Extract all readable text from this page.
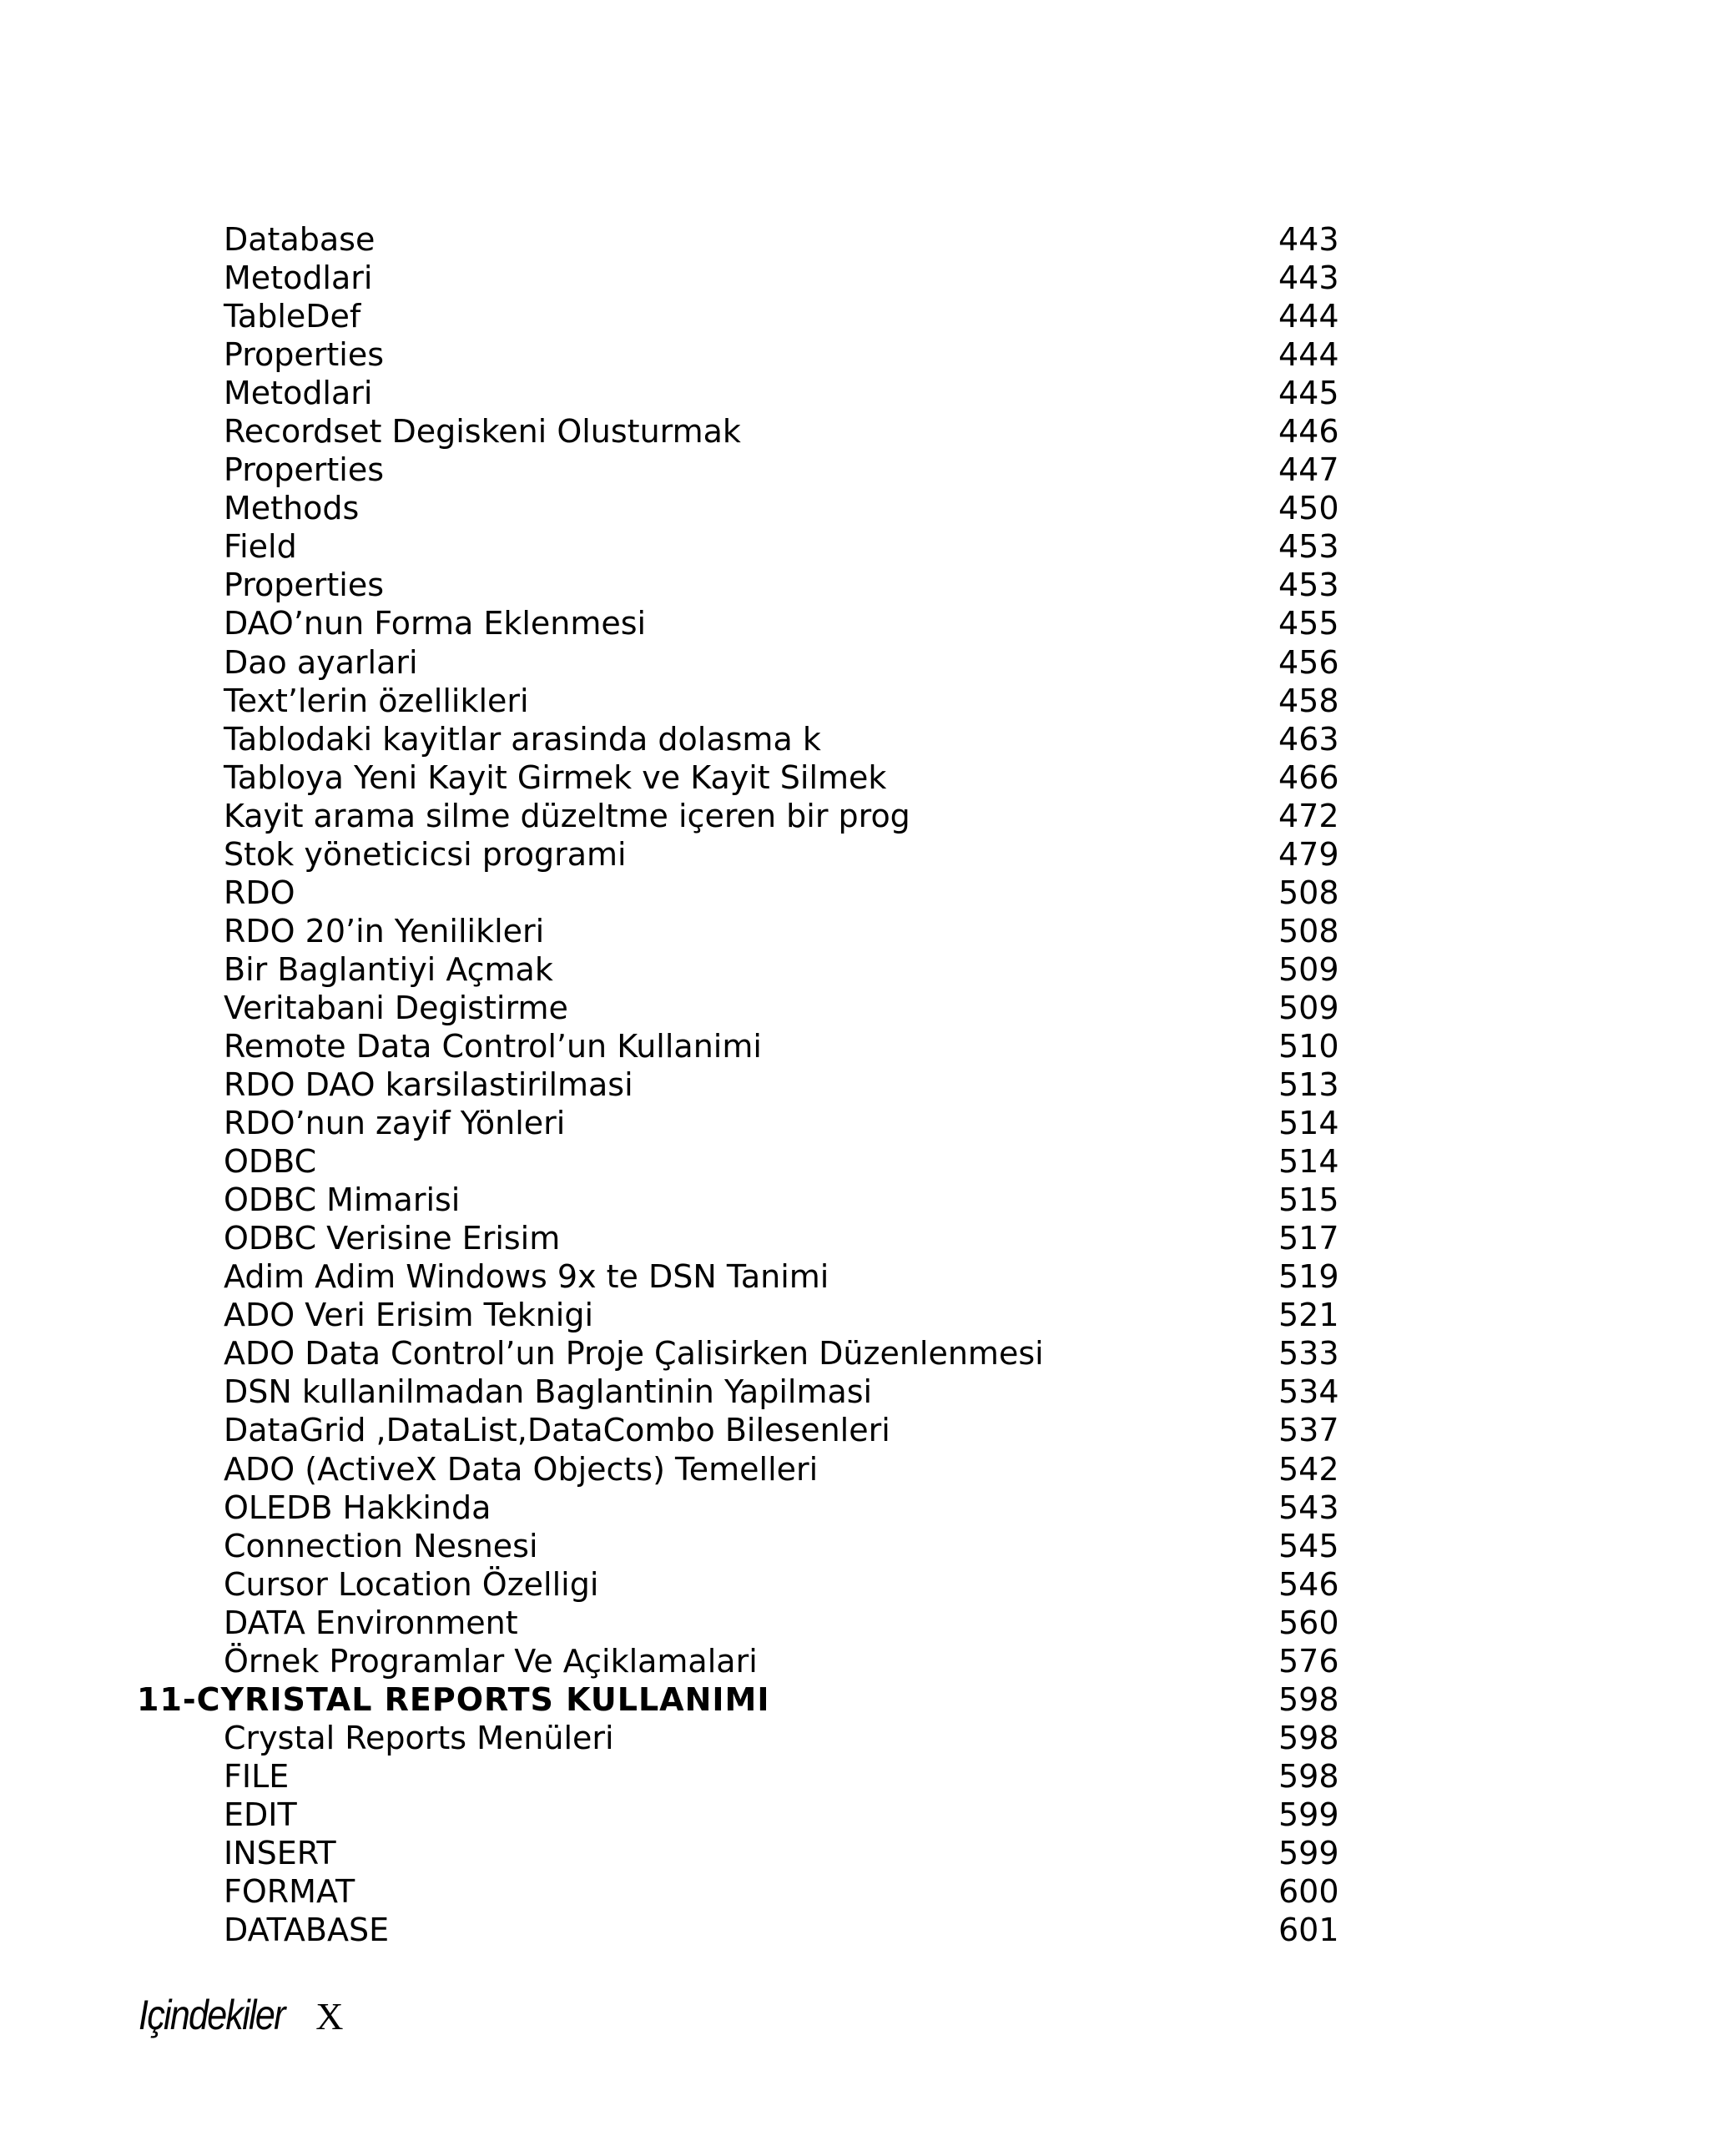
Database	443
Metodlari	443
TableDef	444
Properties	444
Metodlari	445
Recordset Degiskeni Olusturmak	446
Properties	447
Methods	450
Field	453
Properties	453
DAO’nun Forma Eklenmesi	455
Dao ayarlari	456
Text’lerin özellikleri	458
Tablodaki kayitlar arasinda dolasma k	463
Tabloya Yeni Kayit Girmek ve Kayit Silmek	466
Kayit arama silme düzeltme içeren bir prog	472
Stok yöneticicsi programi	479
RDO	508
RDO 20’in Yenilikleri	508
Bir Baglantiyi Açmak	509
Veritabani Degistirme	509
Remote Data Control’un Kullanimi	510
RDO DAO karsilastirilmasi	513
RDO’nun zayif Yönleri	514
ODBC	514
ODBC Mimarisi	515
ODBC Verisine Erisim	517
Adim Adim Windows 9x te DSN Tanimi	519
ADO Veri Erisim Teknigi	521
ADO Data Control’un Proje Çalisirken Düzenlenmesi	533
DSN kullanilmadan Baglantinin Yapilmasi	534
DataGrid ,DataList,DataCombo Bilesenleri	537
ADO (ActiveX Data Objects) Temelleri	542
OLEDB Hakkinda	543
Connection Nesnesi	545
Cursor Location Özelligi	546
DATA Environment	560
Örnek Programlar Ve Açiklamalari	576
11-CYRISTAL REPORTS KULLANIMI	598
Crystal Reports Menüleri	598
FILE	598
EDIT	599
INSERT	599
FORMAT	600
DATABASE	601
Içindekiler X
